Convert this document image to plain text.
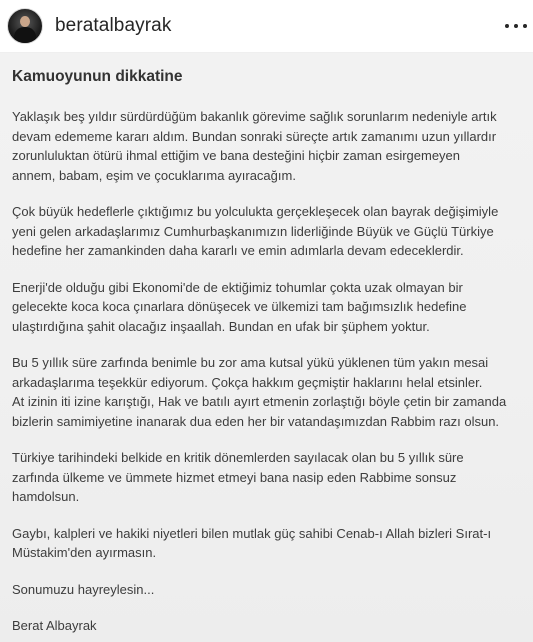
beratalbayrak
Kamuoyunun dikkatine
Yaklaşık beş yıldır sürdürdüğüm bakanlık görevime sağlık sorunlarım nedeniyle artık
devam edememe kararı aldım. Bundan sonraki süreçte artık zamanımı uzun yıllardır
zorunluluktan ötürü ihmal ettiğim ve bana desteğini hiçbir zaman esirgemeyen
annem, babam, eşim ve çocuklarıma ayıracağım.
Çok büyük hedeflerle çıktığımız bu yolculukta gerçekleşecek olan bayrak değişimiyle
yeni gelen arkadaşlarımız Cumhurbaşkanımızın liderliğinde Büyük ve Güçlü Türkiye
hedefine her zamankinden daha kararlı ve emin adımlarla devam edeceklerdir.
Enerji'de olduğu gibi Ekonomi'de de ektiğimiz tohumlar çokta uzak olmayan bir
gelecekte koca koca çınarlara dönüşecek ve ülkemizi tam bağımsızlık hedefine
ulaştırdığına şahit olacağız inşaallah. Bundan en ufak bir şüphem yoktur.
Bu 5 yıllık süre zarfında benimle bu zor ama kutsal yükü yüklenen tüm yakın mesai
arkadaşlarıma teşekkür ediyorum. Çokça hakkım geçmiştir haklarını helal etsinler.
At izinin iti izine karıştığı, Hak ve batılı ayırt etmenin zorlaştığı böyle çetin bir zamanda
bizlerin samimiyetine inanarak dua eden her bir vatandaşımızdan Rabbim razı olsun.
Türkiye tarihindeki belkide en kritik dönemlerden sayılacak olan bu 5 yıllık süre
zarfında ülkeme ve ümmete hizmet etmeyi bana nasip eden Rabbime sonsuz
hamdolsun.
Gaybı, kalpleri ve hakiki niyetleri bilen mutlak güç sahibi Cenab-ı Allah bizleri Sırat-ı
Müstakim'den ayırmasın.
Sonumuzu hayreylesin...
Berat Albayrak
